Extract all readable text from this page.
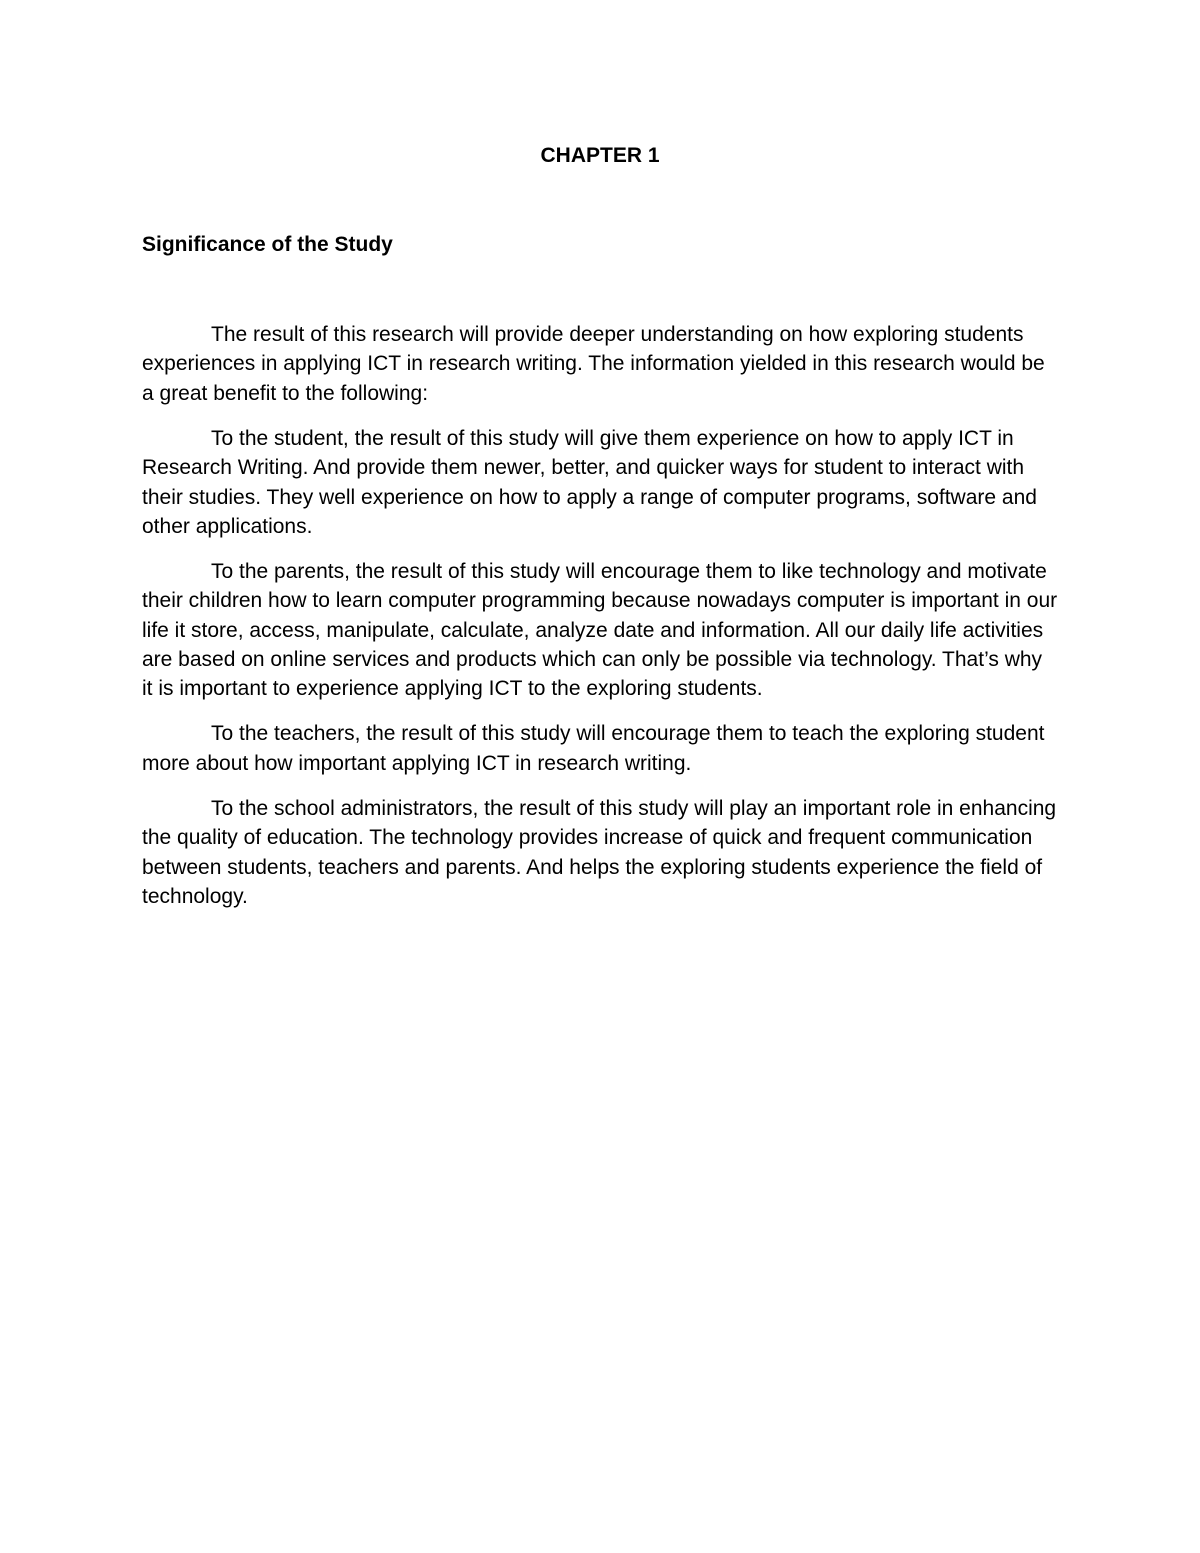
CHAPTER 1
Significance of the Study

The result of this research will provide deeper understanding on how exploring students experiences in applying ICT in research writing. The information yielded in this research would be a great benefit to the following:

To the student, the result of this study will give them experience on how to apply ICT in Research Writing. And provide them newer, better, and quicker ways for student to interact with their studies. They well experience on how to apply a range of computer programs, software and other applications.

To the parents, the result of this study will encourage them to like technology and motivate their children how to learn computer programming because nowadays computer is important in our life it store, access, manipulate, calculate, analyze date and information. All our daily life activities are based on online services and products which can only be possible via technology. That’s why it is important to experience applying ICT to the exploring students.

To the teachers, the result of this study will encourage them to teach the exploring student more about how important applying ICT in research writing.

To the school administrators, the result of this study will play an important role in enhancing the quality of education. The technology provides increase of quick and frequent communication between students, teachers and parents. And helps the exploring students experience the field of technology.
